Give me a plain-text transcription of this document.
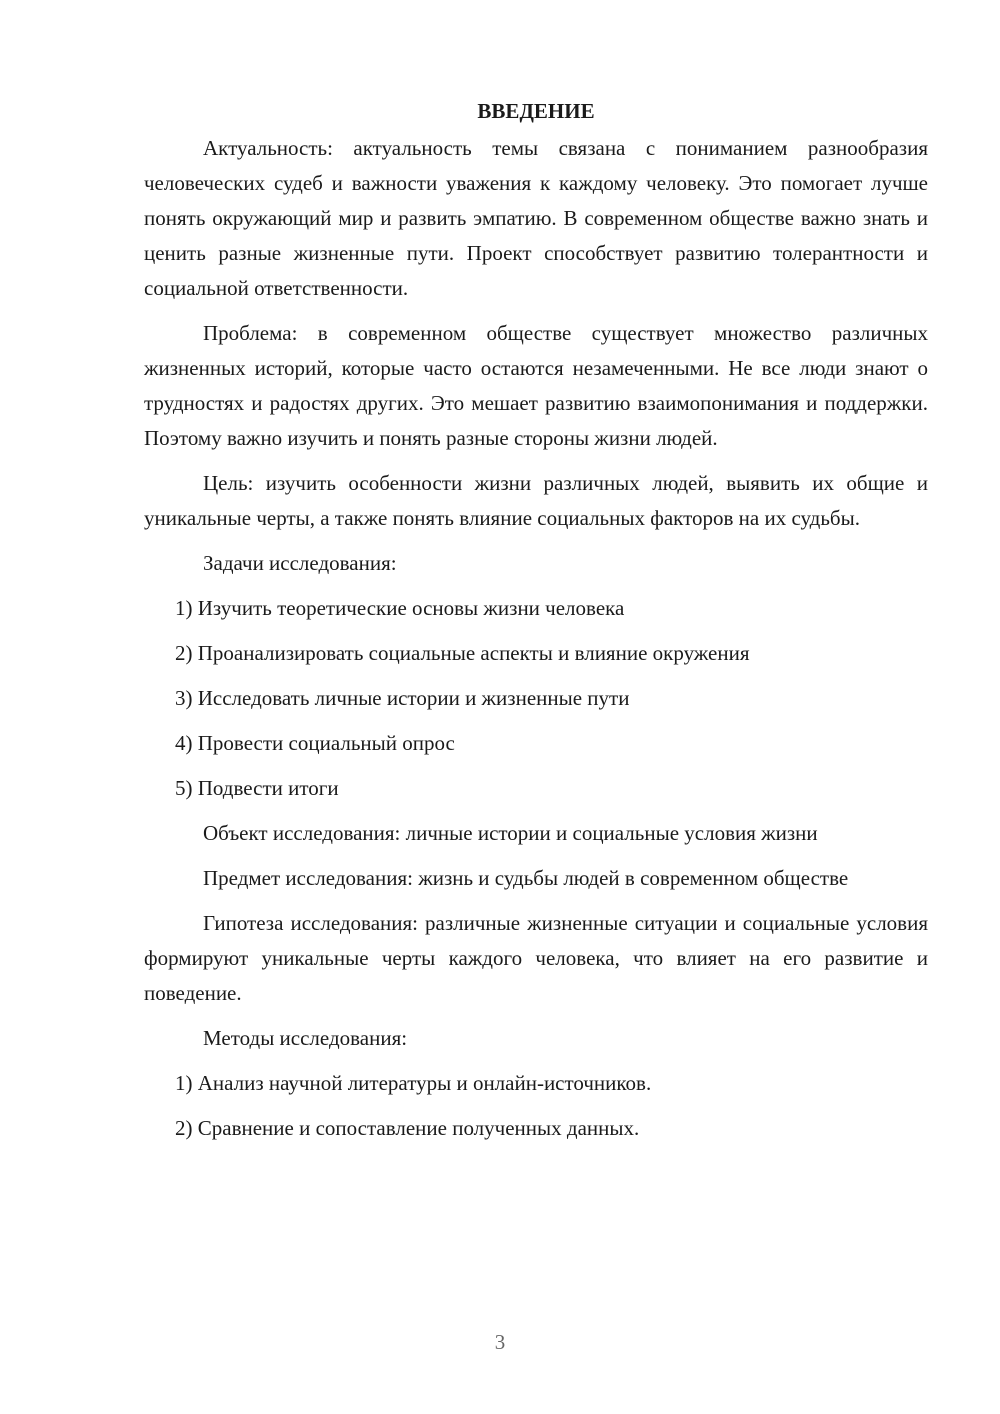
ВВЕДЕНИЕ

Актуальность: актуальность темы связана с пониманием разнообразия человеческих судеб и важности уважения к каждому человеку. Это помогает лучше понять окружающий мир и развить эмпатию. В современном обществе важно знать и ценить разные жизненные пути. Проект способствует развитию толерантности и социальной ответственности.

Проблема: в современном обществе существует множество различных жизненных историй, которые часто остаются незамеченными. Не все люди знают о трудностях и радостях других. Это мешает развитию взаимопонимания и поддержки. Поэтому важно изучить и понять разные стороны жизни людей.

Цель: изучить особенности жизни различных людей, выявить их общие и уникальные черты, а также понять влияние социальных факторов на их судьбы.

Задачи исследования:

1) Изучить теоретические основы жизни человека
2) Проанализировать социальные аспекты и влияние окружения
3) Исследовать личные истории и жизненные пути
4) Провести социальный опрос
5) Подвести итоги

Объект исследования: личные истории и социальные условия жизни

Предмет исследования: жизнь и судьбы людей в современном обществе

Гипотеза исследования: различные жизненные ситуации и социальные условия формируют уникальные черты каждого человека, что влияет на его развитие и поведение.

Методы исследования:

1) Анализ научной литературы и онлайн-источников.
2) Сравнение и сопоставление полученных данных.
3
